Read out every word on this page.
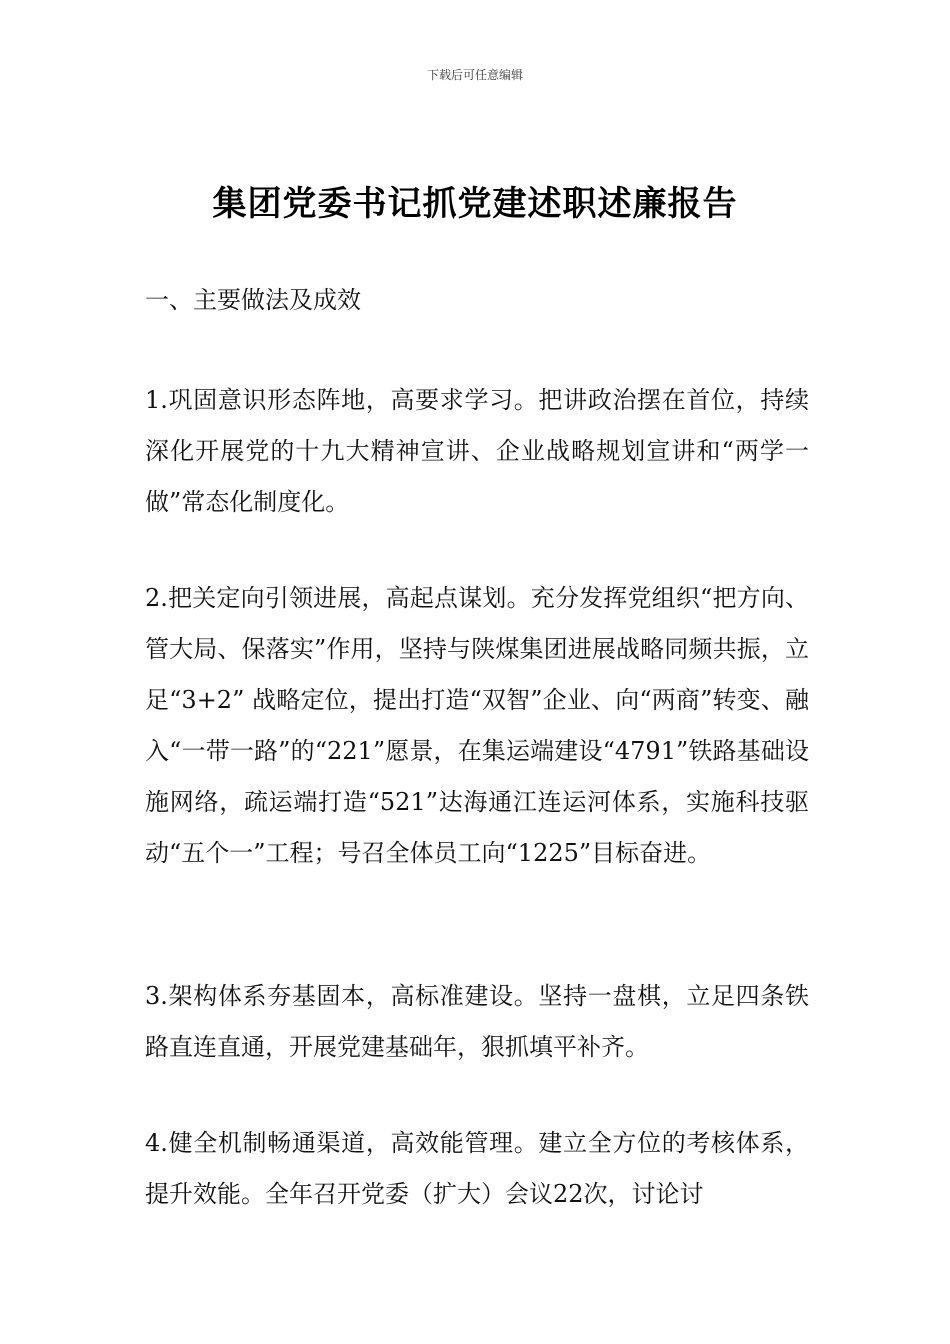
下载后可任意编辑
集团党委书记抓党建述职述廉报告
一、主要做法及成效

1.巩固意识形态阵地，高要求学习。把讲政治摆在首位，持续深化开展党的十九大精神宣讲、企业战略规划宣讲和“两学一做”常态化制度化。

2.把关定向引领进展，高起点谋划。充分发挥党组织“把方向、管大局、保落实”作用，坚持与陕煤集团进展战略同频共振，立足“3+2” 战略定位，提出打造“双智”企业、向“两商”转变、融入“一带一路”的“221”愿景，在集运端建设“4791”铁路基础设施网络，疏运端打造“521”达海通江连运河体系，实施科技驱动“五个一”工程；号召全体员工向“1225”目标奋进。

3.架构体系夯基固本，高标准建设。坚持一盘棋，立足四条铁路直连直通，开展党建基础年，狠抓填平补齐。

4.健全机制畅通渠道，高效能管理。建立全方位的考核体系，提升效能。全年召开党委（扩大）会议22次，讨论讨
